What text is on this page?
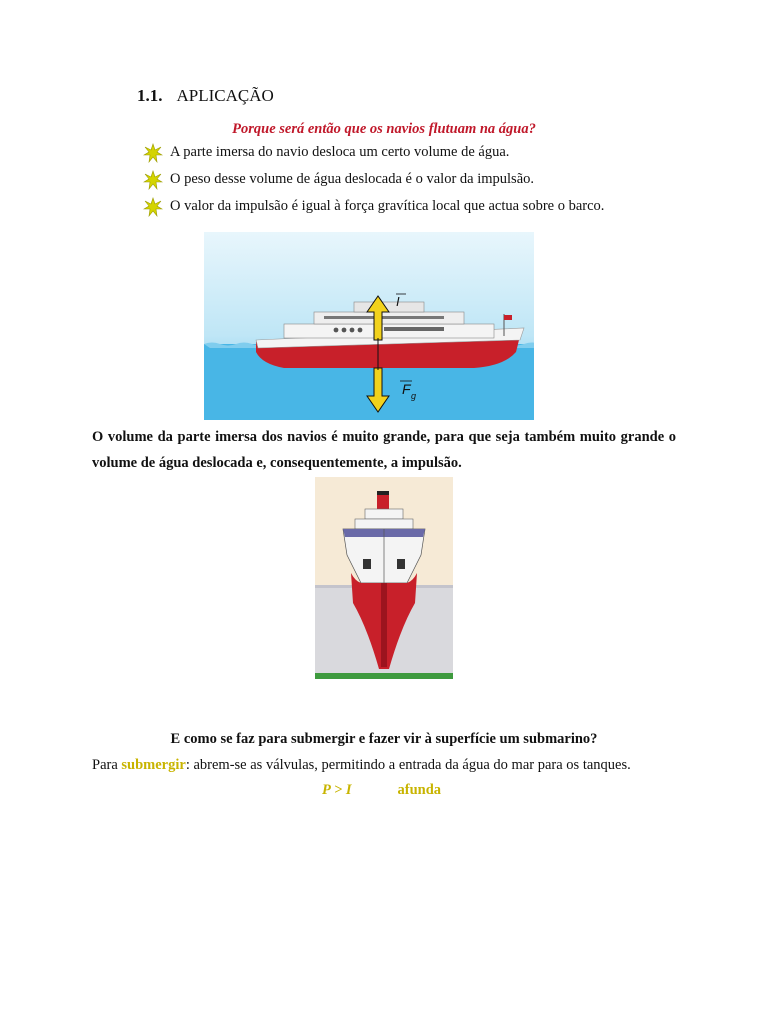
1.1. APLICAÇÃO
Porque será então que os navios flutuam na água?
A parte imersa do navio desloca um certo volume de água.
O peso desse volume de água deslocada é o valor da impulsão.
O valor da impulsão é igual à força gravítica local que actua sobre o barco.
I
F g
O volume da parte imersa dos navios é muito grande, para que seja também muito grande o volume de água deslocada e, consequentemente, a impulsão.
E como se faz para submergir e fazer vir à superfície um submarino?
Para submergir: abrem-se as válvulas, permitindo a entrada da água do mar para os tanques.
P > I	afunda
